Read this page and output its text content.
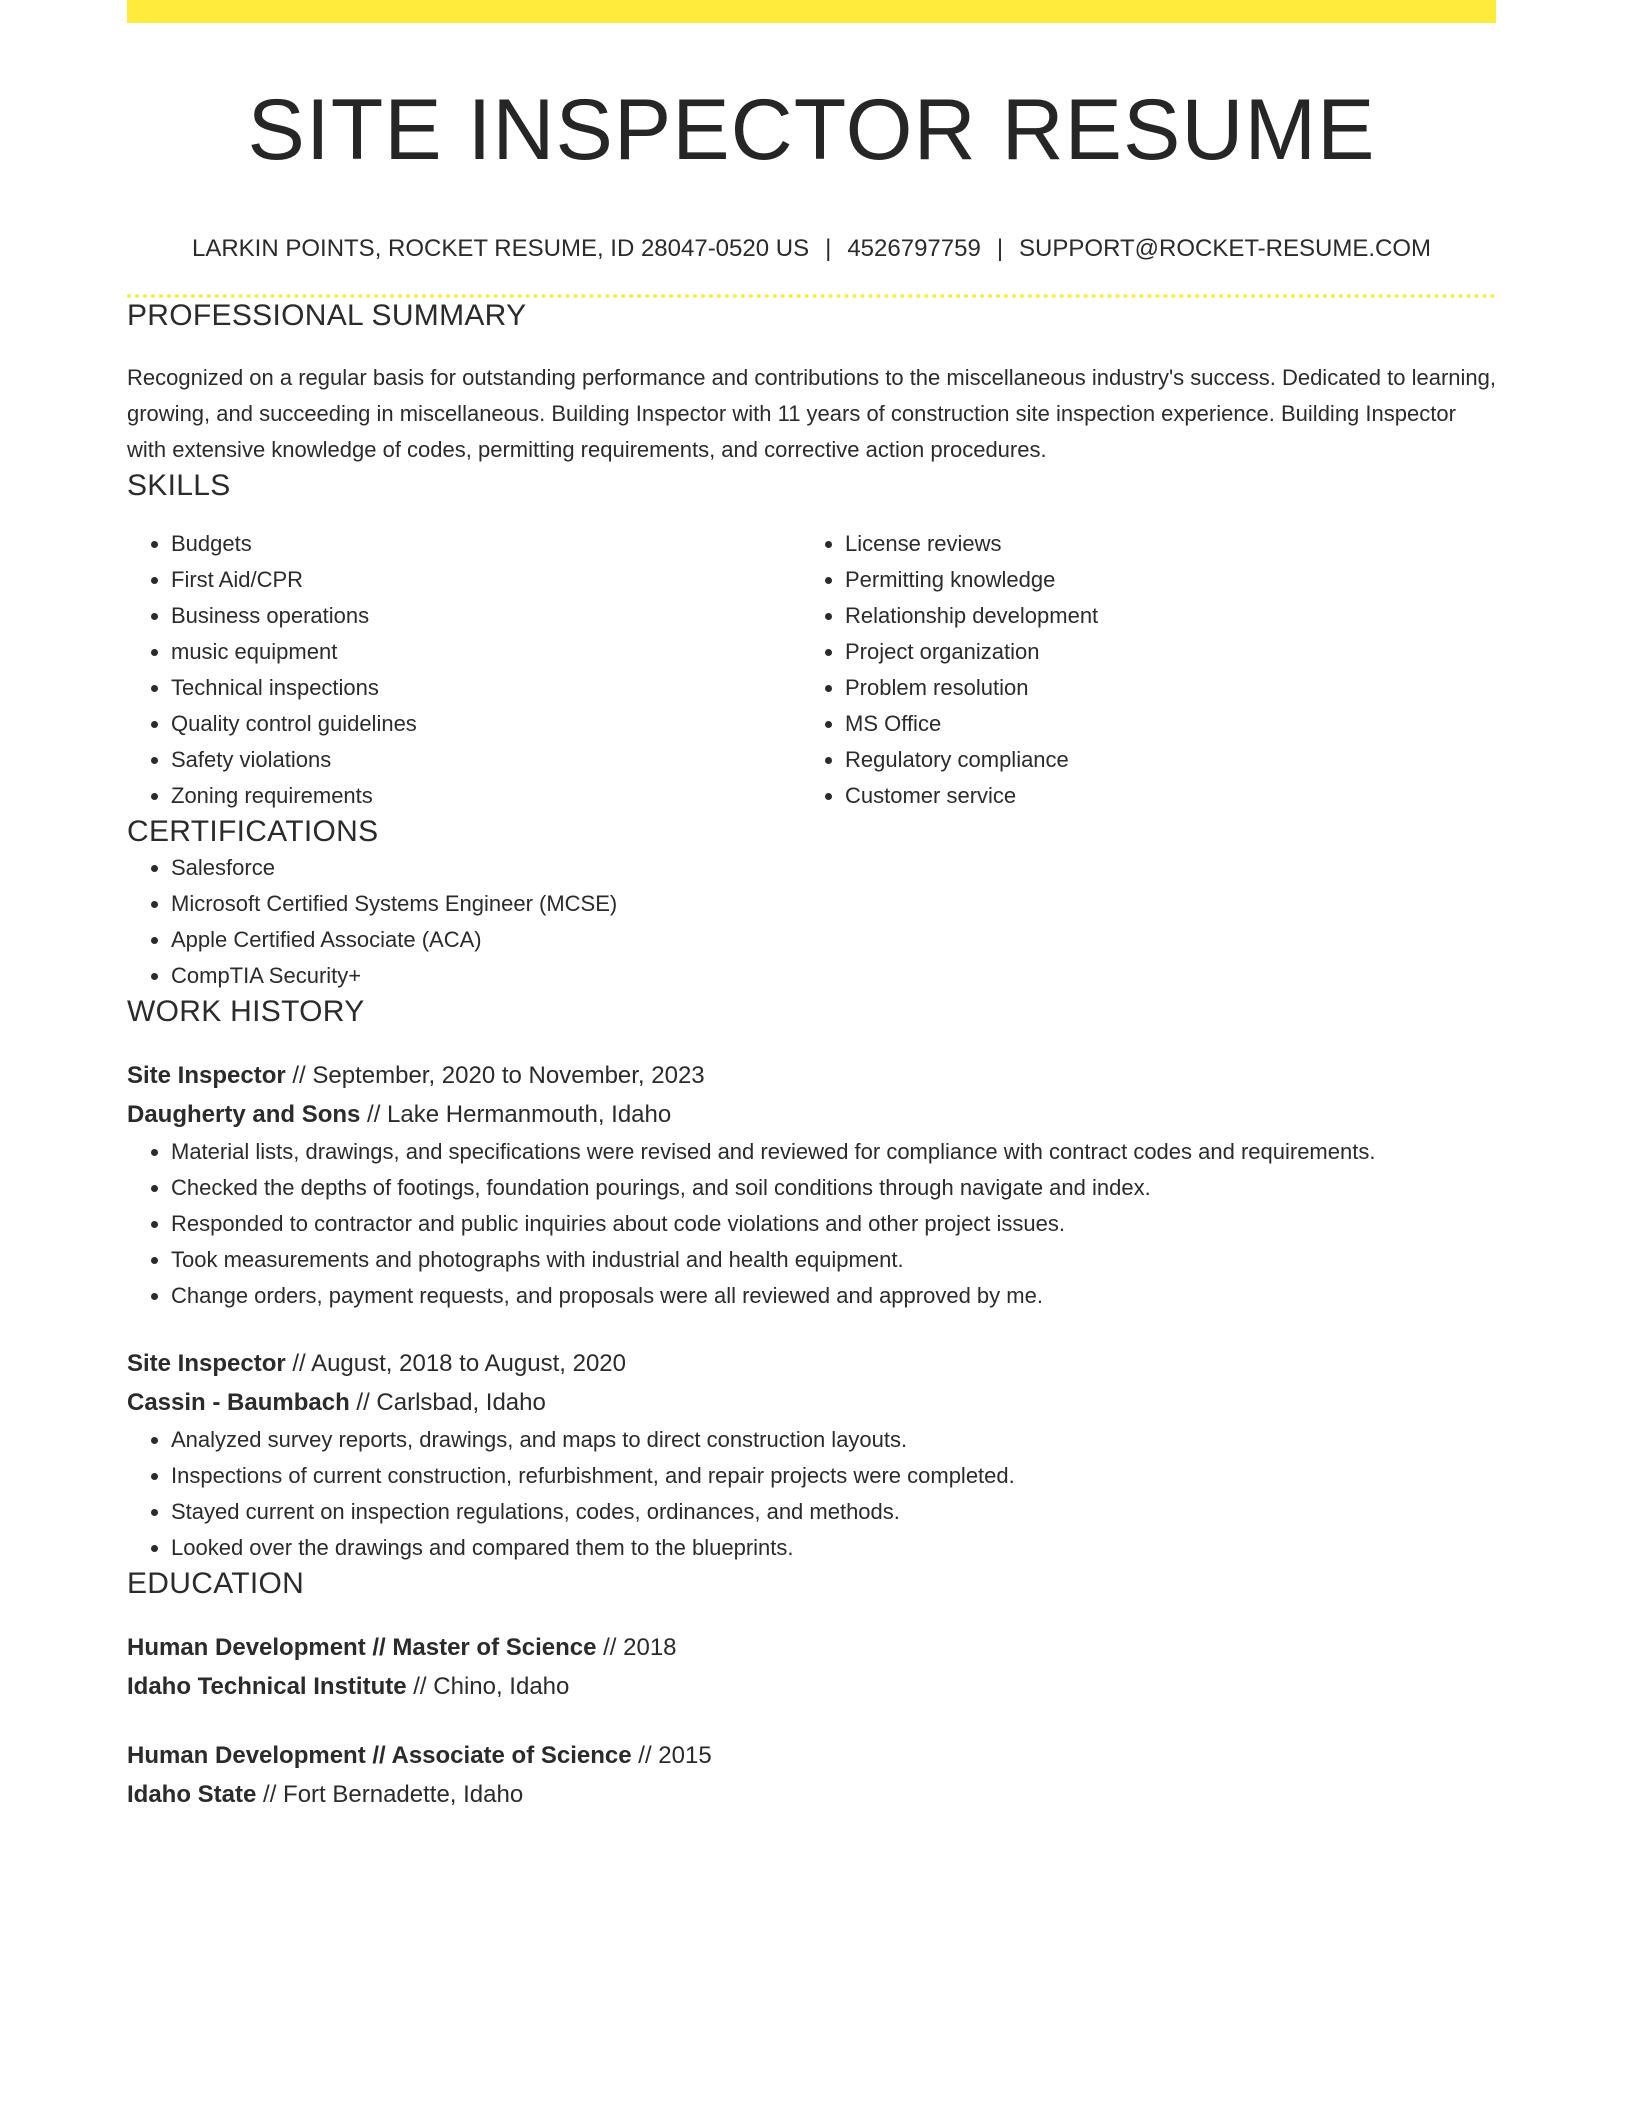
SITE INSPECTOR RESUME
LARKIN POINTS, ROCKET RESUME, ID 28047-0520 US | 4526797759 | SUPPORT@ROCKET-RESUME.COM
PROFESSIONAL SUMMARY
Recognized on a regular basis for outstanding performance and contributions to the miscellaneous industry's success. Dedicated to learning, growing, and succeeding in miscellaneous. Building Inspector with 11 years of construction site inspection experience. Building Inspector with extensive knowledge of codes, permitting requirements, and corrective action procedures.
SKILLS
• Budgets
• First Aid/CPR
• Business operations
• music equipment
• Technical inspections
• Quality control guidelines
• Safety violations
• Zoning requirements
• License reviews
• Permitting knowledge
• Relationship development
• Project organization
• Problem resolution
• MS Office
• Regulatory compliance
• Customer service
CERTIFICATIONS
• Salesforce
• Microsoft Certified Systems Engineer (MCSE)
• Apple Certified Associate (ACA)
• CompTIA Security+
WORK HISTORY
Site Inspector // September, 2020 to November, 2023
Daugherty and Sons // Lake Hermanmouth, Idaho
• Material lists, drawings, and specifications were revised and reviewed for compliance with contract codes and requirements.
• Checked the depths of footings, foundation pourings, and soil conditions through navigate and index.
• Responded to contractor and public inquiries about code violations and other project issues.
• Took measurements and photographs with industrial and health equipment.
• Change orders, payment requests, and proposals were all reviewed and approved by me.
Site Inspector // August, 2018 to August, 2020
Cassin - Baumbach // Carlsbad, Idaho
• Analyzed survey reports, drawings, and maps to direct construction layouts.
• Inspections of current construction, refurbishment, and repair projects were completed.
• Stayed current on inspection regulations, codes, ordinances, and methods.
• Looked over the drawings and compared them to the blueprints.
EDUCATION
Human Development // Master of Science // 2018
Idaho Technical Institute // Chino, Idaho
Human Development // Associate of Science // 2015
Idaho State // Fort Bernadette, Idaho
